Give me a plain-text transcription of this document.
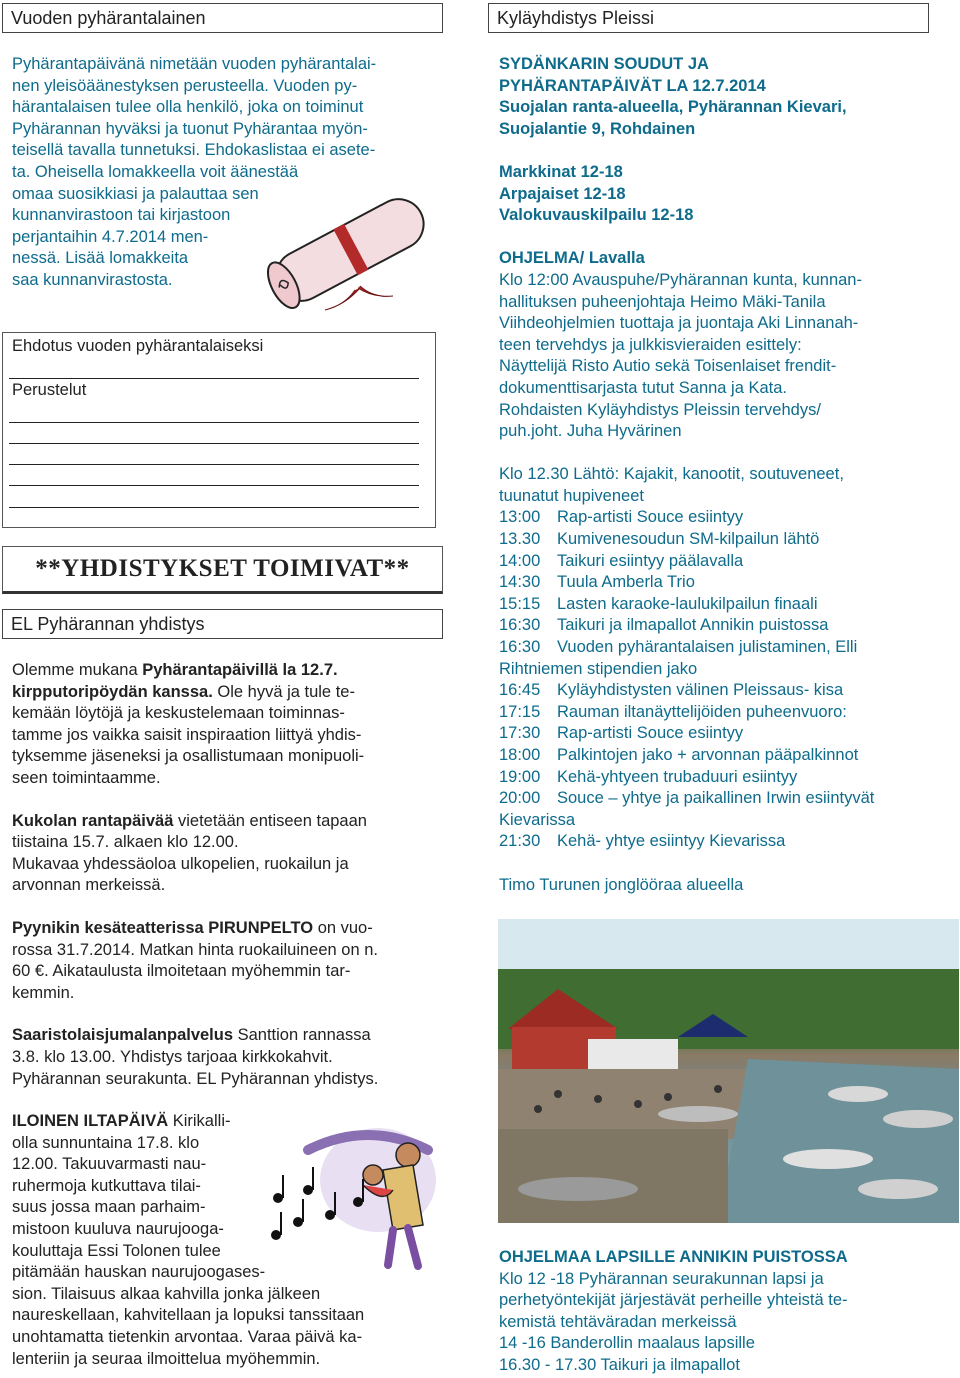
Vuoden pyhärantalainen

Pyhärantapäivänä nimetään vuoden pyhärantalai-

nen yleisöäänestyksen perusteella. Vuoden py-

härantalaisen tulee olla henkilö, joka on toiminut

Pyhärannan hyväksi ja tuonut Pyhärantaa myön-

teisellä tavalla tunnetuksi. Ehdokaslistaa ei asete-

ta. Oheisella lomakkeella voit äänestää

omaa suosikkiasi ja palauttaa sen

kunnanvirastoon tai kirjastoon

perjantaihin 4.7.2014 men-

nessä. Lisää lomakkeita

saa kunnanvirastosta.

Ehdotus vuoden pyhärantalaiseksi
Perustelut
**YHDISTYKSET TOIMIVAT**
EL Pyhärannan yhdistys

Olemme mukana Pyhärantapäivillä la 12.7.

kirpputoripöydän kanssa. Ole hyvä ja tule te-

kemään löytöjä ja keskustelemaan toiminnas-

tamme jos vaikka saisit inspiraation liittyä yhdis-

tyksemme jäseneksi ja osallistumaan monipuoli-

seen toimintaamme.

Kukolan rantapäivää vietetään entiseen tapaan

tiistaina 15.7. alkaen klo 12.00.

Mukavaa yhdessäoloa ulkopelien, ruokailun ja

arvonnan merkeissä.

Pyynikin kesäteatterissa PIRUNPELTO on vuo-

rossa 31.7.2014. Matkan hinta ruokailuineen on n.

60 €. Aikataulusta ilmoitetaan myöhemmin tar-

kemmin.

Saaristolaisjumalanpalvelus Santtion rannassa

3.8. klo 13.00. Yhdistys tarjoaa kirkkokahvit.

Pyhärannan seurakunta. EL Pyhärannan yhdistys.

ILOINEN ILTAPÄIVÄ Kirikalli-

olla sunnuntaina 17.8. klo

12.00. Takuuvarmasti nau-

ruhermoja kutkuttava tilai-

suus jossa maan parhaim-

mistoon kuuluva naurujooga-

kouluttaja Essi Tolonen tulee

pitämään hauskan naurujoogases-

sion. Tilaisuus alkaa kahvilla jonka jälkeen

naureskellaan, kahvitellaan ja lopuksi tanssitaan

unohtamatta tietenkin arvontaa. Varaa päivä ka-

lenteriin ja seuraa ilmoittelua myöhemmin.

Kyläyhdistys Pleissi

SYDÄNKARIN SOUDUT JA

PYHÄRANTAPÄIVÄT LA 12.7.2014

Suojalan ranta-alueella, Pyhärannan Kievari,

Suojalantie 9, Rohdainen

Markkinat 12-18

Arpajaiset 12-18

Valokuvauskilpailu 12-18

OHJELMA/ Lavalla

Klo 12:00 Avauspuhe/Pyhärannan kunta, kunnan-

hallituksen puheenjohtaja Heimo Mäki-Tanila

Viihdeohjelmien tuottaja ja juontaja Aki Linnanah-

teen tervehdys ja julkkisvieraiden esittely:

Näyttelijä Risto Autio sekä Toisenlaiset frendit-

dokumenttisarjasta tutut Sanna ja Kata.

Rohdaisten Kyläyhdistys Pleissin tervehdys/

puh.joht. Juha Hyvärinen

Klo 12.30 Lähtö: Kajakit, kanootit, soutuveneet,

tuunatut hupiveneet

13:00	Rap-artisti Souce esiintyy
13.30	Kumivenesoudun SM-kilpailun lähtö
14:00	Taikuri esiintyy päälavalla
14:30	Tuula Amberla Trio
15:15	Lasten karaoke-laulukilpailun finaali
16:30	Taikuri ja ilmapallot Annikin puistossa
16:30	Vuoden pyhärantalaisen julistaminen, Elli

Rihtniemen stipendien jako

16:45	Kyläyhdistysten välinen Pleissaus- kisa
17:15	Rauman iltanäyttelijöiden puheenvuoro:
17:30	Rap-artisti Souce esiintyy
18:00	Palkintojen jako + arvonnan pääpalkinnot
19:00	Kehä-yhtyeen trubaduuri esiintyy
20:00	Souce – yhtye ja paikallinen Irwin esiintyvät

Kievarissa

21:30	Kehä- yhtye esiintyy Kievarissa

Timo Turunen jonglööraa alueella

OHJELMAA LAPSILLE ANNIKIN PUISTOSSA

Klo 12 -18 Pyhärannan seurakunnan lapsi ja

perhetyöntekijät järjestävät perheille yhteistä te-

kemistä tehtäväradan merkeissä

14 -16 Banderollin maalaus lapsille

16.30 - 17.30 Taikuri ja ilmapallot
